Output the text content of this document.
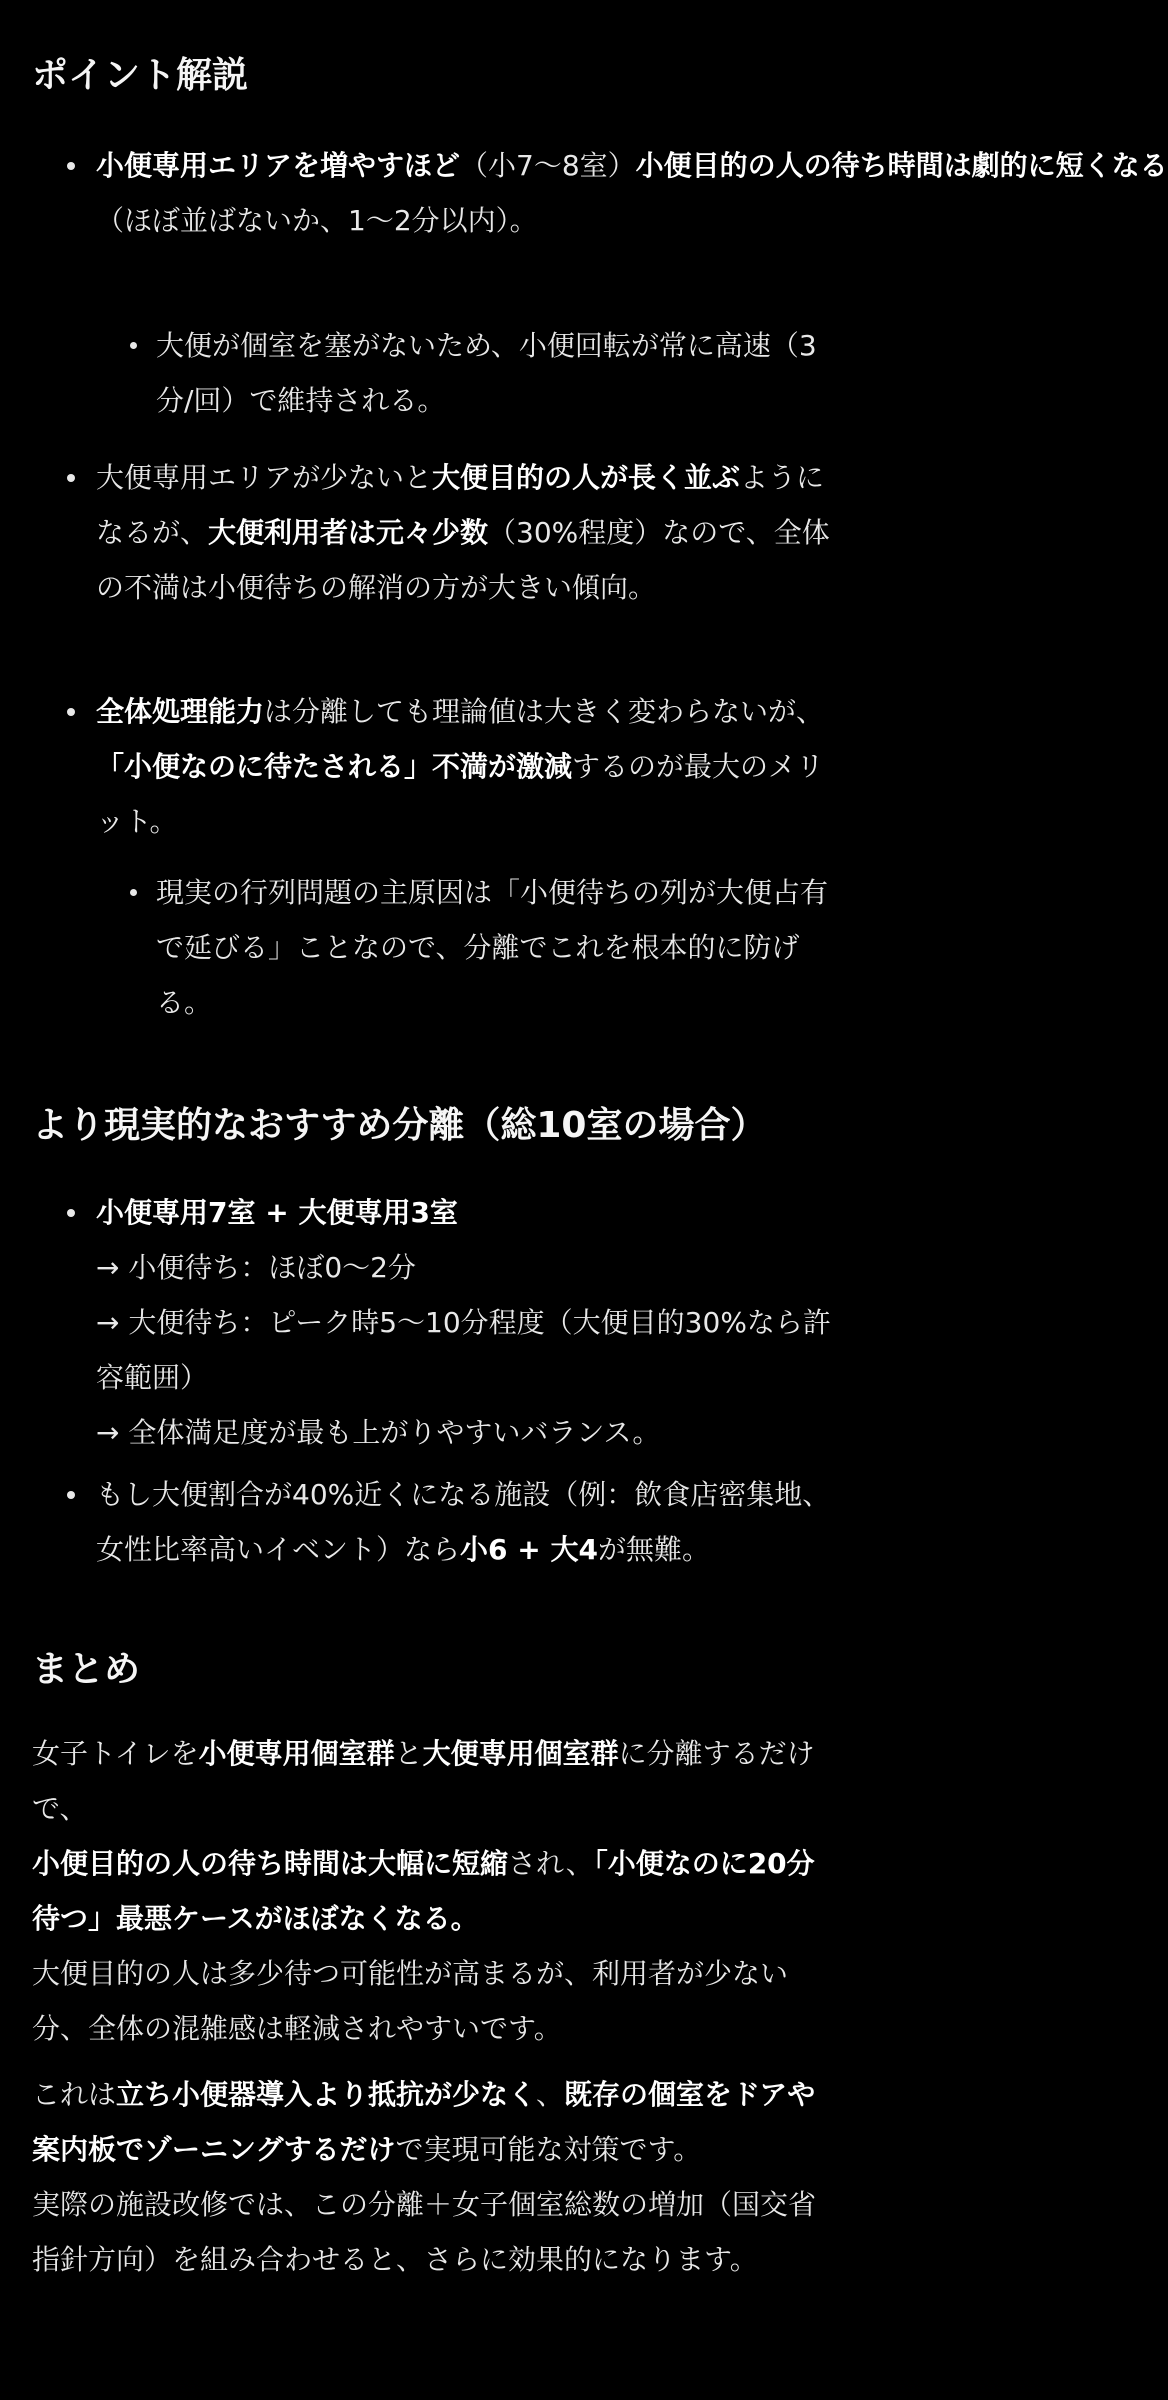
ポイント解説
小便専用エリアを増やすほど（小7〜8室）小便目的の人の待ち時間は劇的に短くなる
（ほぼ並ばないか、1〜2分以内）。
大便が個室を塞がないため、小便回転が常に高速（3分/回）で維持される。
大便専用エリアが少ないと大便目的の人が長く並ぶようになるが、大便利用者は元々少数（30%程度）なので、全体の不満は小便待ちの解消の方が大きい傾向。
全体処理能力は分離しても理論値は大きく変わらないが、「小便なのに待たされる」不満が激減するのが最大のメリット。
現実の行列問題の主原因は「小便待ちの列が大便占有で延びる」ことなので、分離でこれを根本的に防げる。
より現実的なおすすめ分離（総10室の場合）
小便専用7室 + 大便専用3室
→ 小便待ち：ほぼ0〜2分
→ 大便待ち：ピーク時5〜10分程度（大便目的30%なら許容範囲）
→ 全体満足度が最も上がりやすいバランス。
もし大便割合が40%近くになる施設（例：飲食店密集地、女性比率高いイベント）なら小6 + 大4が無難。
まとめ

女子トイレを小便専用個室群と大便専用個室群に分離するだけで、
小便目的の人の待ち時間は大幅に短縮され、「小便なのに20分待つ」最悪ケースがほぼなくなる。
大便目的の人は多少待つ可能性が高まるが、利用者が少ない分、全体の混雑感は軽減されやすいです。

これは立ち小便器導入より抵抗が少なく、既存の個室をドアや案内板でゾーニングするだけで実現可能な対策です。
実際の施設改修では、この分離＋女子個室総数の増加（国交省指針方向）を組み合わせると、さらに効果的になります。
